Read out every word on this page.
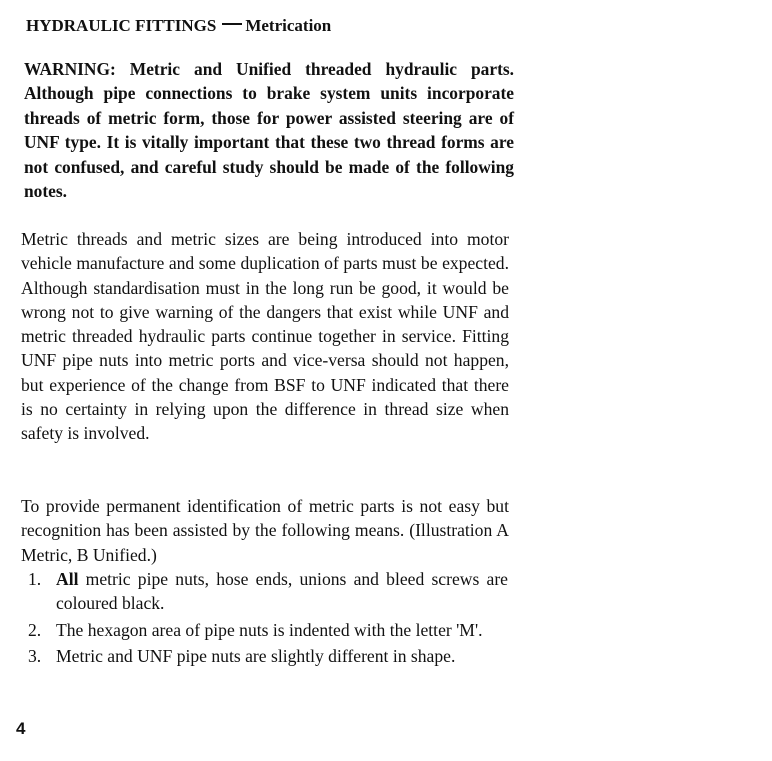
HYDRAULIC FITTINGS Metrication
WARNING: Metric and Unified threaded hydraulic parts. Although pipe connections to brake system units incorporate threads of metric form, those for power assisted steering are of UNF type. It is vitally important that these two thread forms are not confused, and careful study should be made of the following notes.
Metric threads and metric sizes are being introduced into motor vehicle manufacture and some duplication of parts must be expected. Although standardisation must in the long run be good, it would be wrong not to give warning of the dangers that exist while UNF and metric threaded hydraulic parts continue together in service. Fitting UNF pipe nuts into metric ports and vice-versa should not happen, but experience of the change from BSF to UNF indicated that there is no certainty in relying upon the difference in thread size when safety is involved.
To provide permanent identification of metric parts is not easy but recognition has been assisted by the following means. (Illustration A Metric, B Unified.)
1. All metric pipe nuts, hose ends, unions and bleed screws are coloured black.
2. The hexagon area of pipe nuts is indented with the letter 'M'.
3. Metric and UNF pipe nuts are slightly different in shape.
4
